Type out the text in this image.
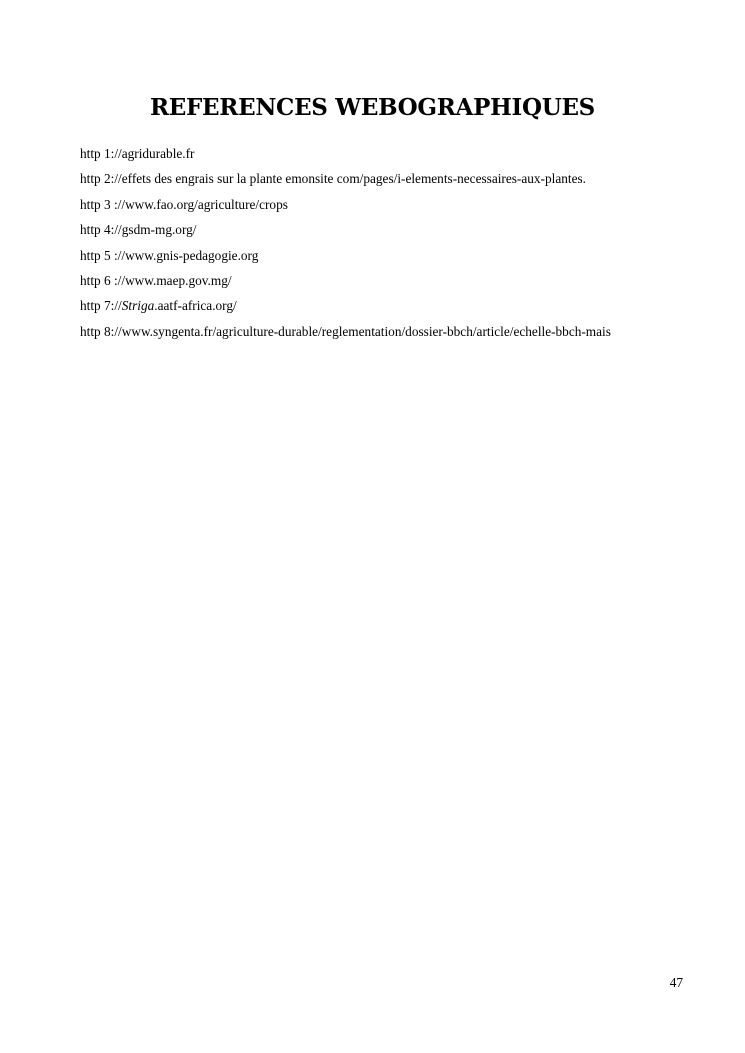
REFERENCES WEBOGRAPHIQUES
http 1://agridurable.fr
http 2://effets des engrais sur la plante emonsite com/pages/i-elements-necessaires-aux-plantes.
http 3 ://www.fao.org/agriculture/crops
http 4://gsdm-mg.org/
http 5 ://www.gnis-pedagogie.org
http 6 ://www.maep.gov.mg/
http 7://Striga.aatf-africa.org/
http 8://www.syngenta.fr/agriculture-durable/reglementation/dossier-bbch/article/echelle-bbch-mais
47
